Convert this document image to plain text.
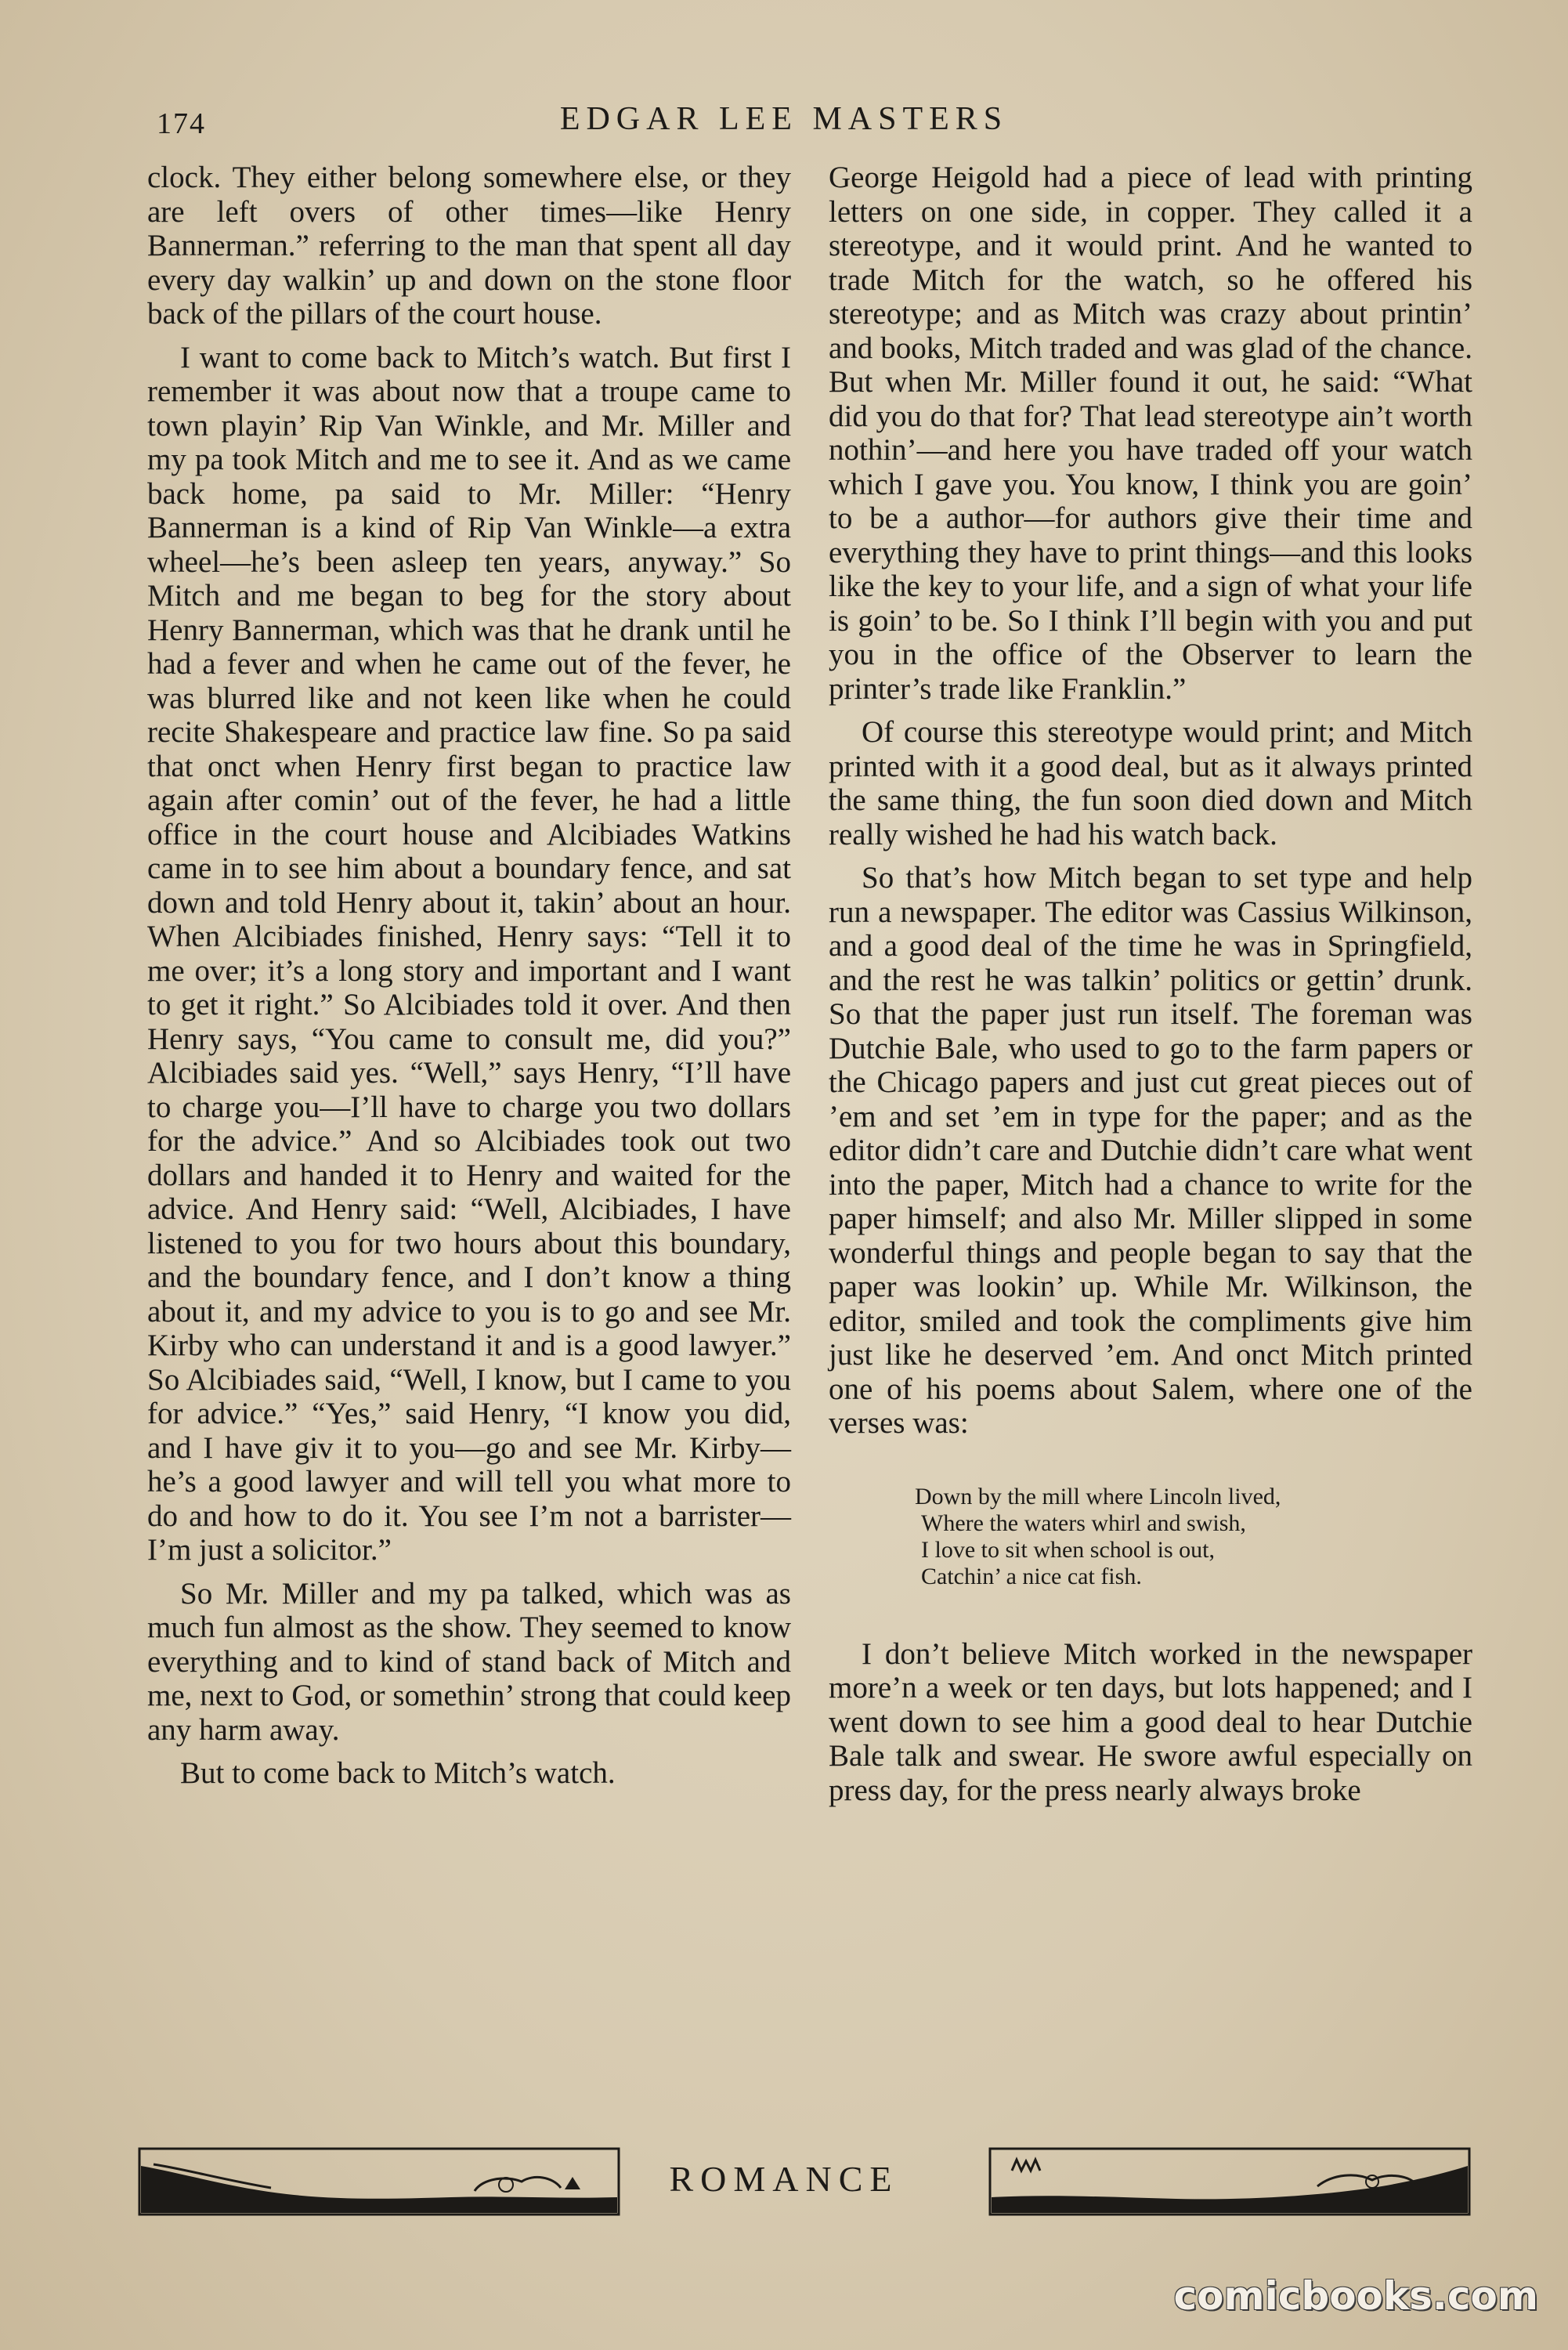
174	EDGAR LEE MASTERS

clock. They either belong somewhere else, or they are left overs of other times—like Henry Bannerman.” referring to the man that spent all day every day walkin’ up and down on the stone floor back of the pillars of the court house.

I want to come back to Mitch’s watch. But first I remember it was about now that a troupe came to town playin’ Rip Van Winkle, and Mr. Miller and my pa took Mitch and me to see it. And as we came back home, pa said to Mr. Miller: “Henry Bannerman is a kind of Rip Van Winkle—a extra wheel—he’s been asleep ten years, anyway.” So Mitch and me began to beg for the story about Henry Bannerman, which was that he drank until he had a fever and when he came out of the fever, he was blurred like and not keen like when he could recite Shakespeare and practice law fine. So pa said that onct when Henry first began to practice law again after comin’ out of the fever, he had a little office in the court house and Alcibiades Watkins came in to see him about a boundary fence, and sat down and told Henry about it, takin’ about an hour. When Alcibiades finished, Henry says: “Tell it to me over; it’s a long story and important and I want to get it right.” So Alcibiades told it over. And then Henry says, “You came to consult me, did you?” Alcibiades said yes. “Well,” says Henry, “I’ll have to charge you—I’ll have to charge you two dollars for the advice.” And so Alcibiades took out two dollars and handed it to Henry and waited for the advice. And Henry said: “Well, Alcibiades, I have listened to you for two hours about this boundary, and the boundary fence, and I don’t know a thing about it, and my advice to you is to go and see Mr. Kirby who can understand it and is a good lawyer.” So Alcibiades said, “Well, I know, but I came to you for advice.” “Yes,” said Henry, “I know you did, and I have giv it to you—go and see Mr. Kirby—he’s a good lawyer and will tell you what more to do and how to do it. You see I’m not a barrister—I’m just a solicitor.”

So Mr. Miller and my pa talked, which was as much fun almost as the show. They seemed to know everything and to kind of stand back of Mitch and me, next to God, or somethin’ strong that could keep any harm away.

But to come back to Mitch’s watch.

George Heigold had a piece of lead with printing letters on one side, in copper. They called it a stereotype, and it would print. And he wanted to trade Mitch for the watch, so he offered his stereotype; and as Mitch was crazy about printin’ and books, Mitch traded and was glad of the chance. But when Mr. Miller found it out, he said: “What did you do that for? That lead stereotype ain’t worth nothin’—and here you have traded off your watch which I gave you. You know, I think you are goin’ to be a author—for authors give their time and everything they have to print things—and this looks like the key to your life, and a sign of what your life is goin’ to be. So I think I’ll begin with you and put you in the office of the Observer to learn the printer’s trade like Franklin.”

Of course this stereotype would print; and Mitch printed with it a good deal, but as it always printed the same thing, the fun soon died down and Mitch really wished he had his watch back.

So that’s how Mitch began to set type and help run a newspaper. The editor was Cassius Wilkinson, and a good deal of the time he was in Springfield, and the rest he was talkin’ politics or gettin’ drunk. So that the paper just run itself. The foreman was Dutchie Bale, who used to go to the farm papers or the Chicago papers and just cut great pieces out of ’em and set ’em in type for the paper; and as the editor didn’t care and Dutchie didn’t care what went into the paper, Mitch had a chance to write for the paper himself; and also Mr. Miller slipped in some wonderful things and people began to say that the paper was lookin’ up. While Mr. Wilkinson, the editor, smiled and took the compliments give him just like he deserved ’em. And onct Mitch printed one of his poems about Salem, where one of the verses was:

Down by the mill where Lincoln lived,
Where the waters whirl and swish,
I love to sit when school is out,
Catchin’ a nice cat fish.

I don’t believe Mitch worked in the newspaper more’n a week or ten days, but lots happened; and I went down to see him a good deal to hear Dutchie Bale talk and swear. He swore awful especially on press day, for the press nearly always broke

ROMANCE
comicbooks.com
